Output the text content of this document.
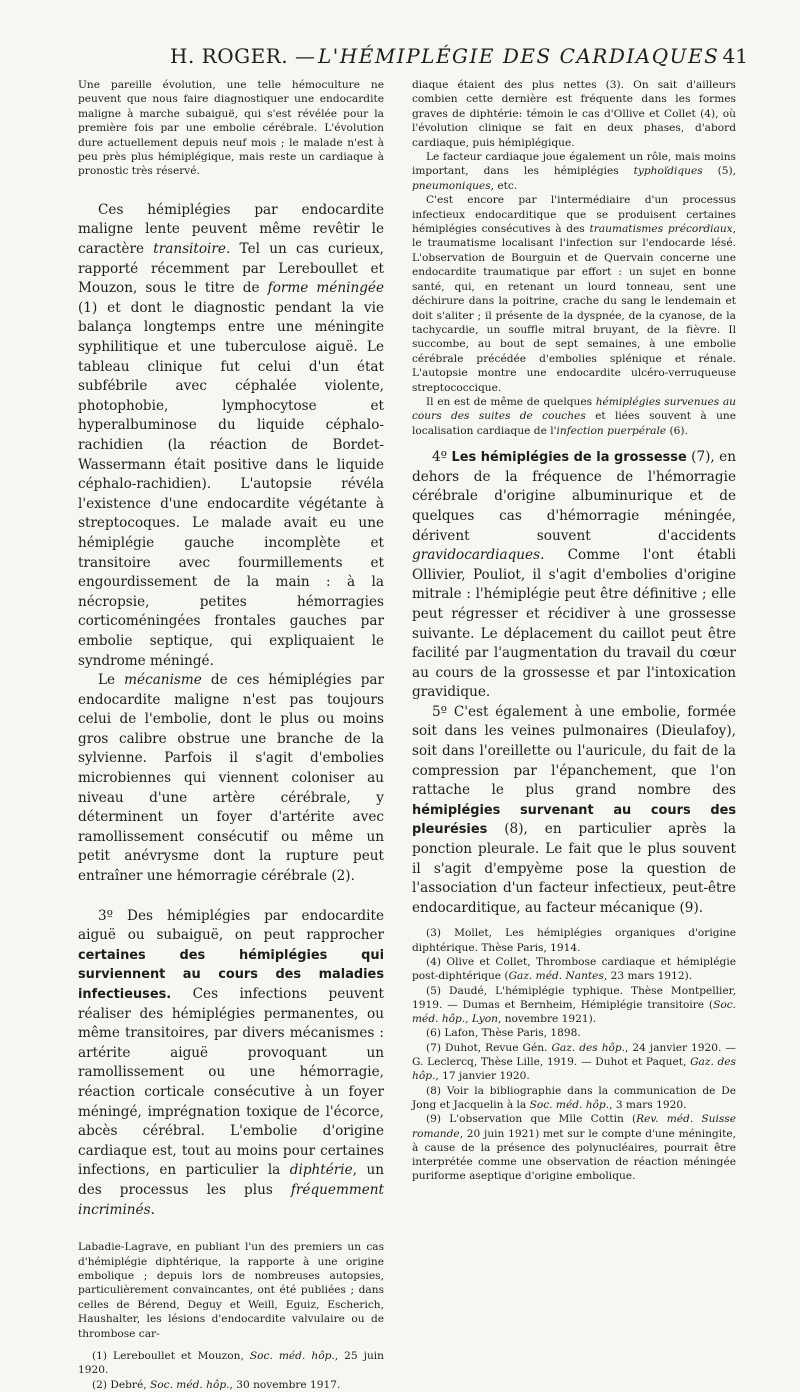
H. ROGER. — L'HÉMIPLÉGIE DES CARDIAQUES 41

Une pareille évolution, une telle hémoculture ne peuvent que nous faire diagnostiquer une endocardite maligne à marche subaiguë, qui s'est révélée pour la première fois par une embolie cérébrale. L'évolution dure actuellement depuis neuf mois ; le malade n'est à peu près plus hémiplégique, mais reste un cardiaque à pronostic très réservé.

Ces hémiplégies par endocardite maligne lente peuvent même revêtir le caractère transitoire. Tel un cas curieux, rapporté récemment par Lereboullet et Mouzon, sous le titre de forme méningée (1) et dont le diagnostic pendant la vie balança longtemps entre une méningite syphilitique et une tuberculose aiguë. Le tableau clinique fut celui d'un état subfébrile avec céphalée violente, photophobie, lymphocytose et hyperalbuminose du liquide céphalo-rachidien (la réaction de Bordet-Wassermann était positive dans le liquide céphalo-rachidien). L'autopsie révéla l'existence d'une endocardite végétante à streptocoques. Le malade avait eu une hémiplégie gauche incomplète et transitoire avec fourmillements et engourdissement de la main : à la nécropsie, petites hémorragies corticoméningées frontales gauches par embolie septique, qui expliquaient le syndrome méningé.

Le mécanisme de ces hémiplégies par endocardite maligne n'est pas toujours celui de l'embolie, dont le plus ou moins gros calibre obstrue une branche de la sylvienne. Parfois il s'agit d'embolies microbiennes qui viennent coloniser au niveau d'une artère cérébrale, y déterminent un foyer d'artérite avec ramollissement consécutif ou même un petit anévrysme dont la rupture peut entraîner une hémorragie cérébrale (2).

3º Des hémiplégies par endocardite aiguë ou subaiguë, on peut rapprocher certaines des hémiplégies qui surviennent au cours des maladies infectieuses. Ces infections peuvent réaliser des hémiplégies permanentes, ou même transitoires, par divers mécanismes : artérite aiguë provoquant un ramollissement ou une hémorragie, réaction corticale consécutive à un foyer méningé, imprégnation toxique de l'écorce, abcès cérébral. L'embolie d'origine cardiaque est, tout au moins pour certaines infections, en particulier la diphtérie, un des processus les plus fréquemment incriminés.

Labadie-Lagrave, en publiant l'un des premiers un cas d'hémiplégie diphtérique, la rapporte à une origine embolique ; depuis lors de nombreuses autopsies, particulièrement convaincantes, ont été publiées ; dans celles de Bérend, Deguy et Weill, Eguiz, Escherich, Haushalter, les lésions d'endocardite valvulaire ou de thrombose car-

(1) Lereboullet et Mouzon, Soc. méd. hôp., 25 juin 1920.

(2) Debré, Soc. méd. hôp., 30 novembre 1917.

diaque étaient des plus nettes (3). On sait d'ailleurs combien cette dernière est fréquente dans les formes graves de diphtérie: témoin le cas d'Ollive et Collet (4), où l'évolution clinique se fait en deux phases, d'abord cardiaque, puis hémiplégique.

Le facteur cardiaque joue également un rôle, mais moins important, dans les hémiplégies typhoïdiques (5), pneumoniques, etc.

C'est encore par l'intermédiaire d'un processus infectieux endocarditique que se produisent certaines hémiplégies consécutives à des traumatismes précordiaux, le traumatisme localisant l'infection sur l'endocarde lésé. L'observation de Bourguin et de Quervain concerne une endocardite traumatique par effort : un sujet en bonne santé, qui, en retenant un lourd tonneau, sent une déchirure dans la poitrine, crache du sang le lendemain et doit s'aliter ; il présente de la dyspnée, de la cyanose, de la tachycardie, un souffle mitral bruyant, de la fièvre. Il succombe, au bout de sept semaines, à une embolie cérébrale précédée d'embolies splénique et rénale. L'autopsie montre une endocardite ulcéro-verruqueuse streptococcique.

Il en est de même de quelques hémiplégies survenues au cours des suites de couches et liées souvent à une localisation cardiaque de l'infection puerpérale (6).

4º Les hémiplégies de la grossesse (7), en dehors de la fréquence de l'hémorragie cérébrale d'origine albuminurique et de quelques cas d'hémorragie méningée, dérivent souvent d'accidents gravidocardiaques. Comme l'ont établi Ollivier, Pouliot, il s'agit d'embolies d'origine mitrale : l'hémiplégie peut être définitive ; elle peut régresser et récidiver à une grossesse suivante. Le déplacement du caillot peut être facilité par l'augmentation du travail du cœur au cours de la grossesse et par l'intoxication gravidique.

5º C'est également à une embolie, formée soit dans les veines pulmonaires (Dieulafoy), soit dans l'oreillette ou l'auricule, du fait de la compression par l'épanchement, que l'on rattache le plus grand nombre des hémiplégies survenant au cours des pleurésies (8), en particulier après la ponction pleurale. Le fait que le plus souvent il s'agit d'empyème pose la question de l'association d'un facteur infectieux, peut-être endocarditique, au facteur mécanique (9).

(3) Mollet, Les hémiplégies organiques d'origine diphtérique. Thèse Paris, 1914.

(4) Olive et Collet, Thrombose cardiaque et hémiplégie post-diphtérique (Gaz. méd. Nantes, 23 mars 1912).

(5) Daudé, L'hémiplégie typhique. Thèse Montpellier, 1919. — Dumas et Bernheim, Hémiplégie transitoire (Soc. méd. hôp., Lyon, novembre 1921).

(6) Lafon, Thèse Paris, 1898.

(7) Duhot, Revue Gén. Gaz. des hôp., 24 janvier 1920. — G. Leclercq, Thèse Lille, 1919. — Duhot et Paquet, Gaz. des hôp., 17 janvier 1920.

(8) Voir la bibliographie dans la communication de De Jong et Jacquelin à la Soc. méd. hôp., 3 mars 1920.

(9) L'observation que Mlle Cottin (Rev. méd. Suisse romande, 20 juin 1921) met sur le compte d'une méningite, à cause de la présence des polynucléaires, pourrait être interprétée comme une observation de réaction méningée puriforme aseptique d'origine embolique.
